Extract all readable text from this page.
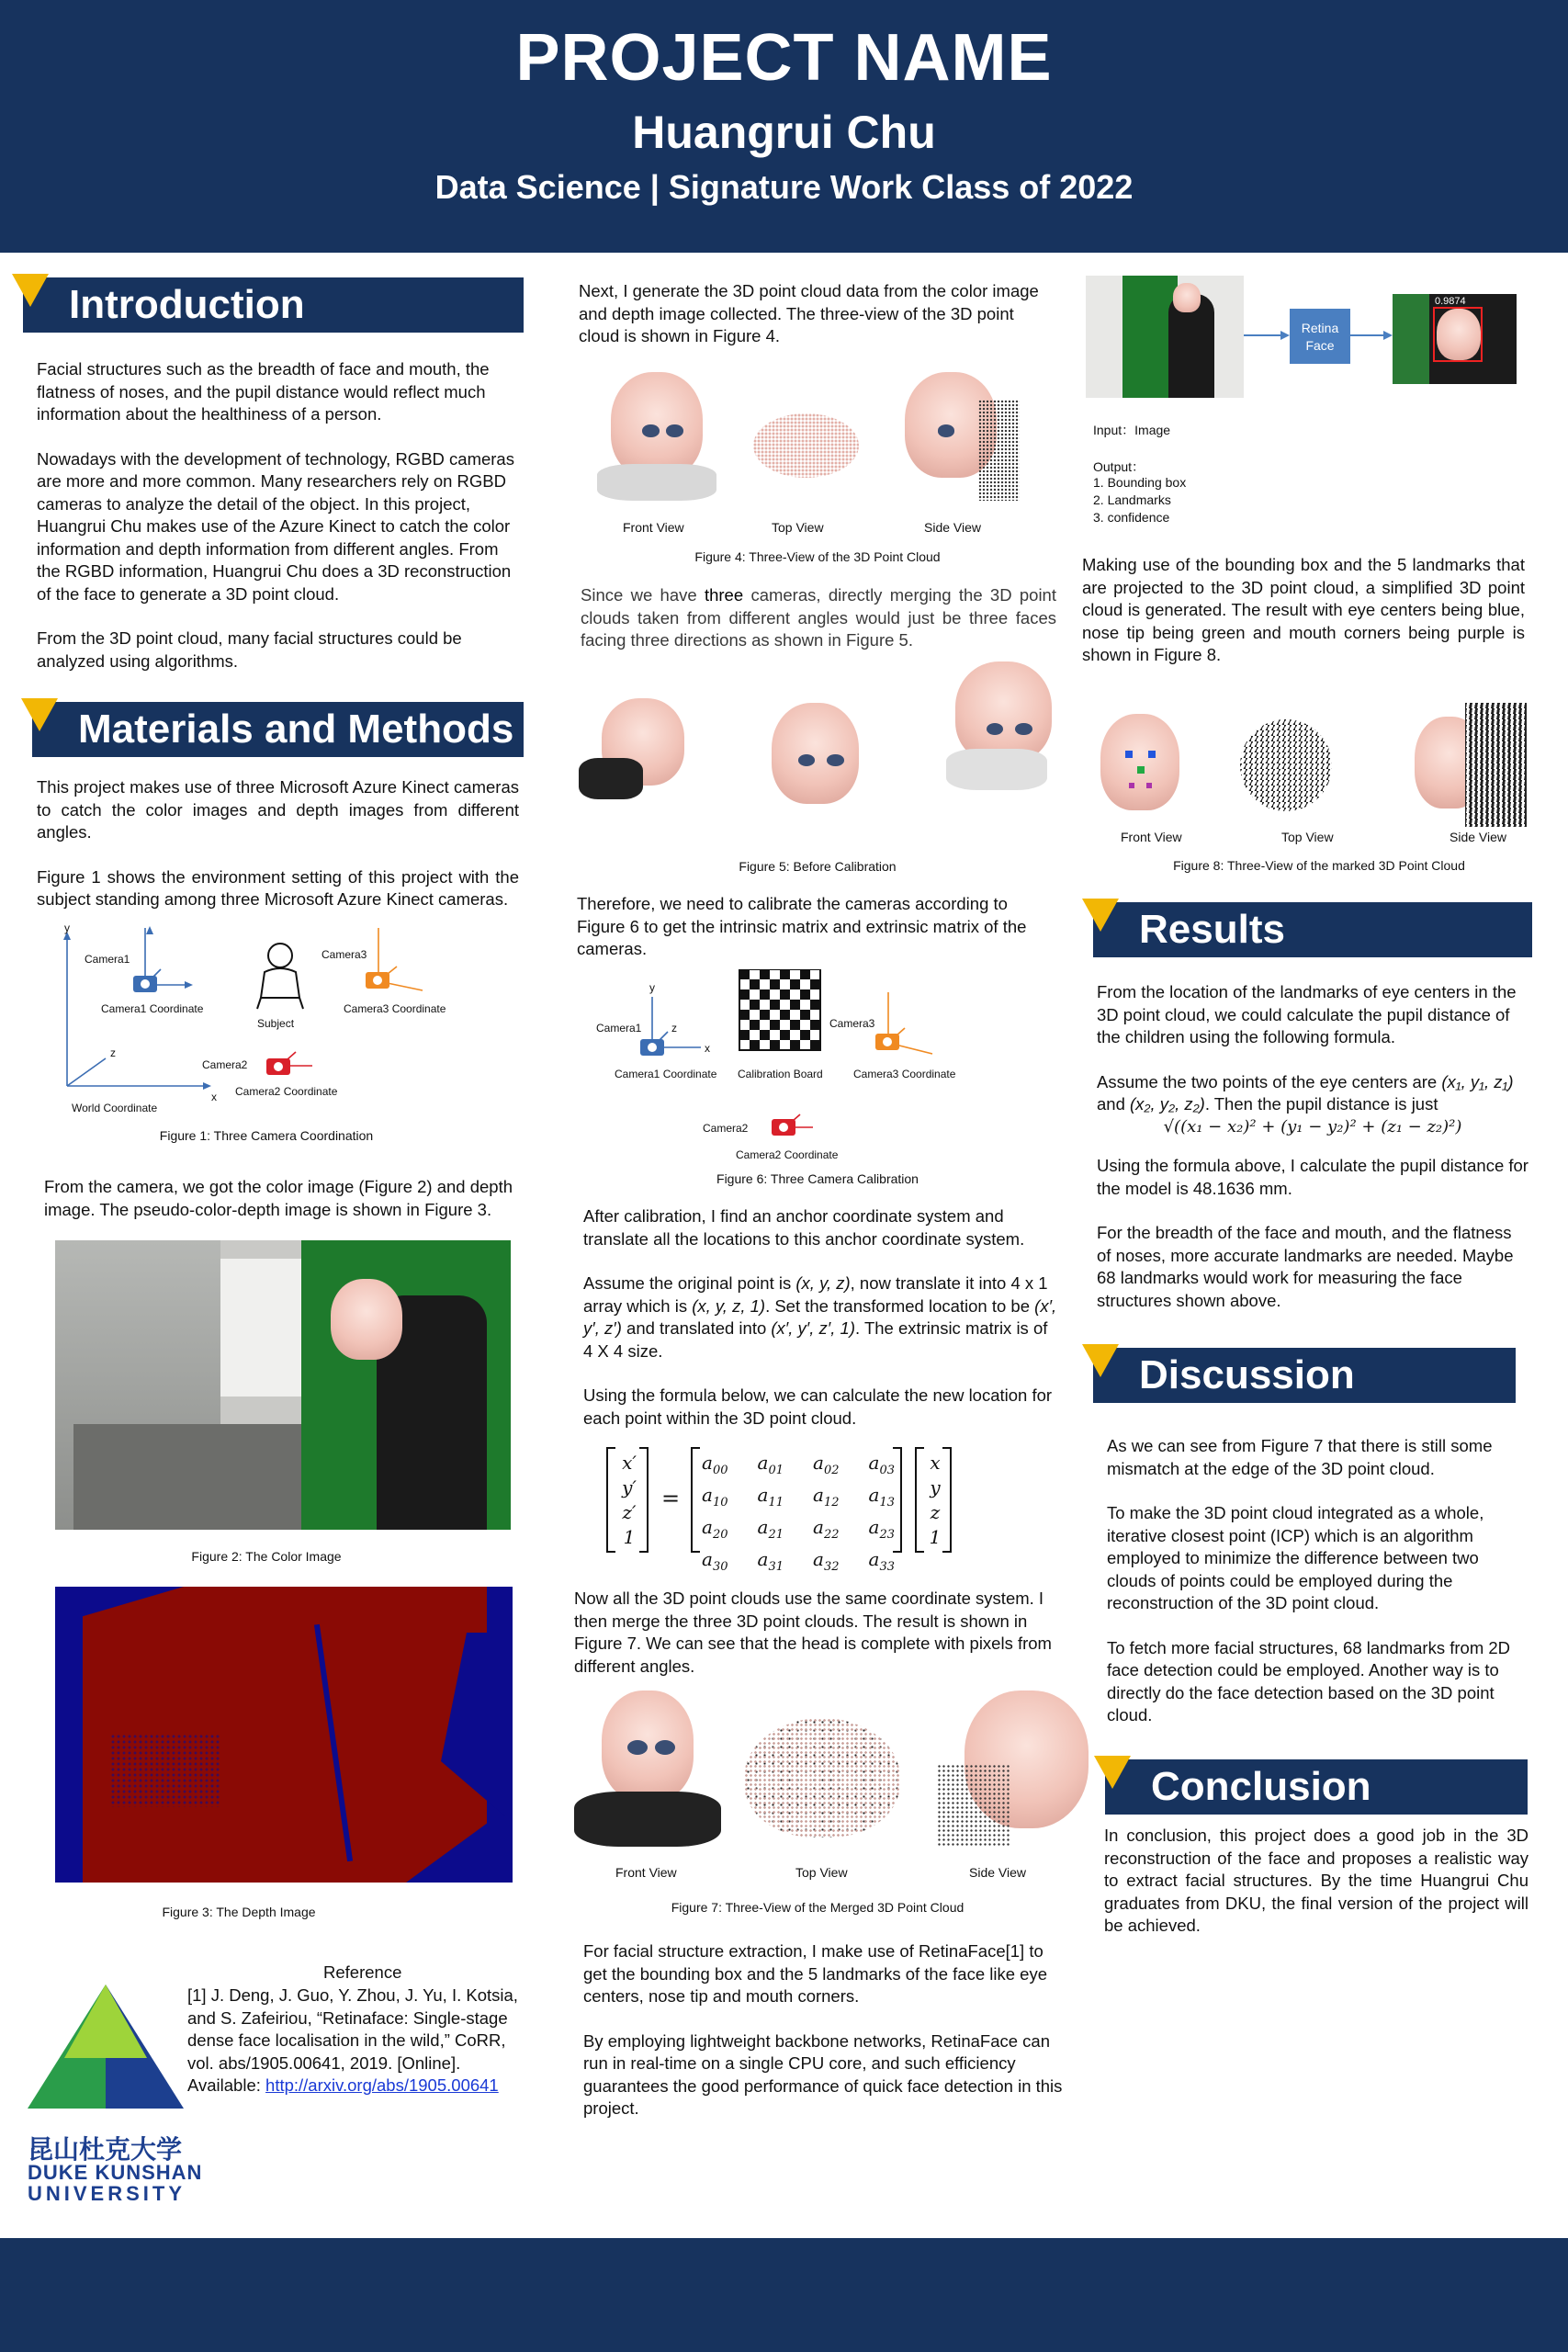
PROJECT NAME
Huangrui Chu
Data Science | Signature Work Class of 2022
Introduction

Facial structures such as the breadth of face and mouth, the flatness of noses, and the pupil distance would reflect much information about the healthiness of a person.

Nowadays with the development of technology, RGBD cameras are more and more common. Many researchers rely on RGBD cameras to analyze the detail of the object. In this project, Huangrui Chu makes use of the Azure Kinect to catch the color information and depth information from different angles. From the RGBD information, Huangrui Chu does a 3D reconstruction of the face to generate a 3D point cloud.

From the 3D point cloud, many facial structures could be analyzed using algorithms.

Materials and Methods

This project makes use of three Microsoft Azure Kinect cameras to catch the color images and depth images from different angles.

Figure 1 shows the environment setting of this project with the subject standing among three Microsoft Azure Kinect cameras.

y
x
z
Camera1
Camera1 Coordinate
Subject
Camera3
Camera3 Coordinate
Camera2
Camera2 Coordinate
World Coordinate
Figure 1: Three Camera Coordination

From the camera, we got the color image (Figure 2) and depth image. The pseudo-color-depth image is shown in Figure 3.

Figure 2: The Color Image
Figure 3: The Depth Image
Reference
[1] J. Deng, J. Guo, Y. Zhou, J. Yu, I. Kotsia, and S. Zafeiriou, “Retinaface: Single-stage dense face localisation in the wild,” CoRR, vol. abs/1905.00641, 2019. [Online]. Available: http://arxiv.org/abs/1905.00641
昆山杜克大学
DUKE KUNSHAN
UNIVERSITY

Next, I generate the 3D point cloud data from the color image and depth image collected. The three-view of the 3D point cloud is shown in Figure 4.

Front View	Top View	Side View
Figure 4: Three-View of the 3D Point Cloud

Since we have three cameras, directly merging the 3D point clouds taken from different angles would just be three faces facing three directions as shown in Figure 5.

Figure 5: Before Calibration

Therefore, we need to calibrate the cameras according to Figure 6 to get the intrinsic matrix and extrinsic matrix of the cameras.

y
x
z
Camera1
Camera1 Coordinate Calibration Board
Camera3
Camera3 Coordinate
Camera2
Camera2 Coordinate
Figure 6: Three Camera Calibration

After calibration, I find an anchor coordinate system and translate all the locations to this anchor coordinate system.

Assume the original point is (x, y, z), now translate it into 4 x 1 array which is (x, y, z, 1). Set the transformed location to be (x′, y′, z′) and translated into (x′, y′, z′, 1). The extrinsic matrix is of 4 X 4 size.

Using the formula below, we can calculate the new location for each point within the 3D point cloud.

x′
y′
z′
1
=
$a_{00}$ $a_{01}$ $a_{02}$ $a_{03}$
$a_{10}$ $a_{11}$ $a_{12}$ $a_{13}$
$a_{20}$ $a_{21}$ $a_{22}$ $a_{23}$
$a_{30}$ $a_{31}$ $a_{32}$ $a_{33}$
x
y
z
1

Now all the 3D point clouds use the same coordinate system. I then merge the three 3D point clouds. The result is shown in Figure 7. We can see that the head is complete with pixels from different angles.

Front View	Top View	Side View
Figure 7: Three-View of the Merged 3D Point Cloud

For facial structure extraction, I make use of RetinaFace[1] to get the bounding box and the 5 landmarks of the face like eye centers, nose tip and mouth corners.

By employing lightweight backbone networks, RetinaFace can run in real-time on a single CPU core, and such efficiency guarantees the good performance of quick face detection in this project.

Retina Face
0.9874
Input：Image
Output：
1. Bounding box
2. Landmarks
3. confidence

Making use of the bounding box and the 5 landmarks that are projected to the 3D point cloud, a simplified 3D point cloud is generated. The result with eye centers being blue, nose tip being green and mouth corners being purple is shown in Figure 8.

Front View	Top View	Side View
Figure 8: Three-View of the marked 3D Point Cloud
Results

From the location of the landmarks of eye centers in the 3D point cloud, we could calculate the pupil distance of the children using the following formula.

Assume the two points of the eye centers are (x₁, y₁, z₁) and (x₂, y₂, z₂). Then the pupil distance is just

√((x₁ − x₂)² + (y₁ − y₂)² + (z₁ − z₂)²)

Using the formula above, I calculate the pupil distance for the model is 48.1636 mm.

For the breadth of the face and mouth, and the flatness of noses, more accurate landmarks are needed. Maybe 68 landmarks would work for measuring the face structures shown above.

Discussion

As we can see from Figure 7 that there is still some mismatch at the edge of the 3D point cloud.

To make the 3D point cloud integrated as a whole, iterative closest point (ICP) which is an algorithm employed to minimize the difference between two clouds of points could be employed during the reconstruction of the 3D point cloud.

To fetch more facial structures, 68 landmarks from 2D face detection could be employed. Another way is to directly do the face detection based on the 3D point cloud.

Conclusion

In conclusion, this project does a good job in the 3D reconstruction of the face and proposes a realistic way to extract facial structures. By the time Huangrui Chu graduates from DKU, the final version of the project will be achieved.
